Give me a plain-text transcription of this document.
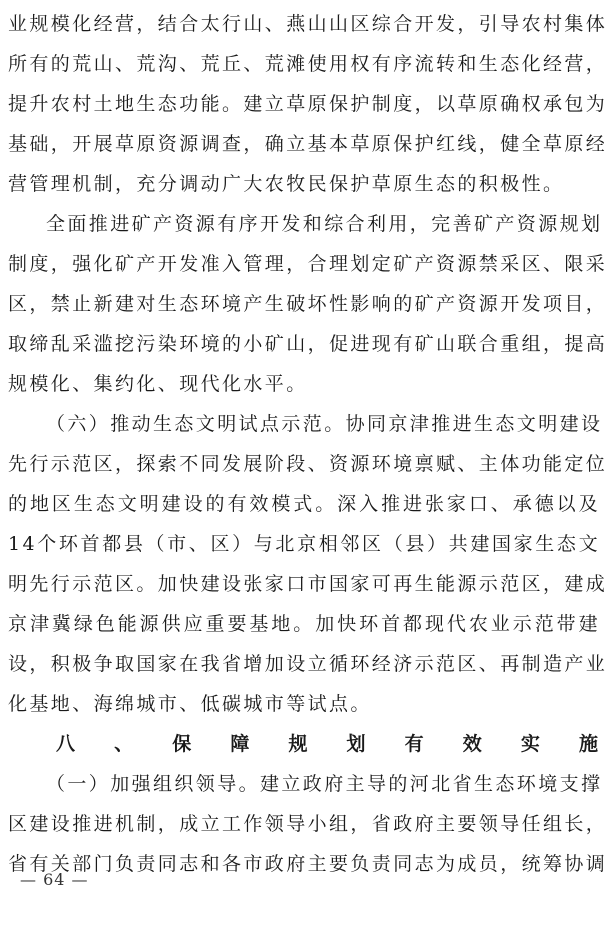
业规模化经营，结合太行山、燕山山区综合开发，引导农村集体
所有的荒山、荒沟、荒丘、荒滩使用权有序流转和生态化经营，
提升农村土地生态功能。建立草原保护制度，以草原确权承包为
基础，开展草原资源调查，确立基本草原保护红线，健全草原经
营管理机制，充分调动广大农牧民保护草原生态的积极性。
全面推进矿产资源有序开发和综合利用，完善矿产资源规划
制度，强化矿产开发准入管理，合理划定矿产资源禁采区、限采
区，禁止新建对生态环境产生破坏性影响的矿产资源开发项目，
取缔乱采滥挖污染环境的小矿山，促进现有矿山联合重组，提高
规模化、集约化、现代化水平。
（六）推动生态文明试点示范。协同京津推进生态文明建设
先行示范区，探索不同发展阶段、资源环境禀赋、主体功能定位
的地区生态文明建设的有效模式。深入推进张家口、承德以及
14个环首都县（市、区）与北京相邻区（县）共建国家生态文
明先行示范区。加快建设张家口市国家可再生能源示范区，建成
京津冀绿色能源供应重要基地。加快环首都现代农业示范带建
设，积极争取国家在我省增加设立循环经济示范区、再制造产业
化基地、海绵城市、低碳城市等试点。
八、保障规划有效实施
（一）加强组织领导。建立政府主导的河北省生态环境支撑
区建设推进机制，成立工作领导小组，省政府主要领导任组长，
省有关部门负责同志和各市政府主要负责同志为成员，统筹协调
— 64 —
